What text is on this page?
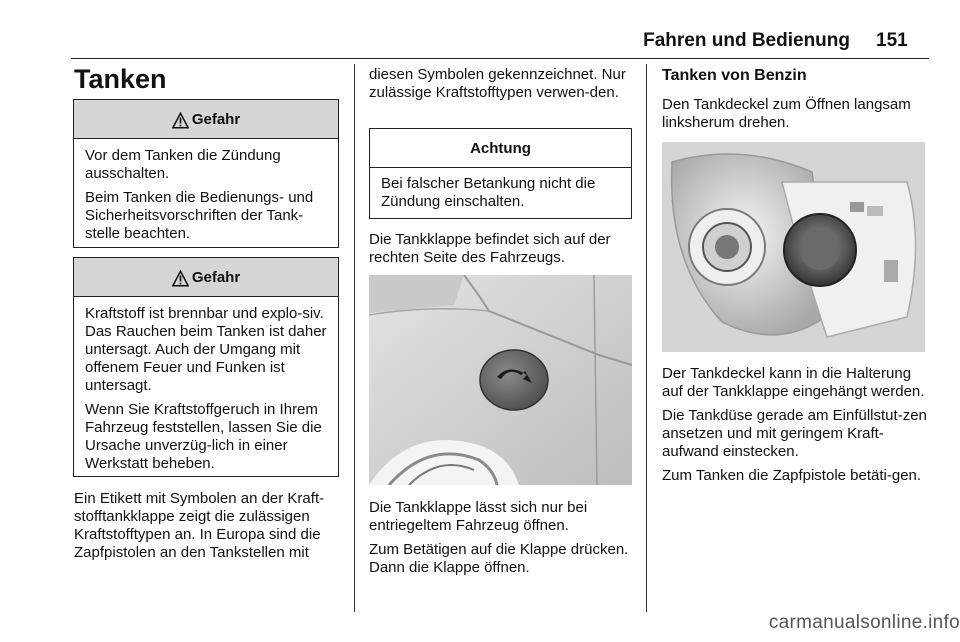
Fahren und Bedienung 151
Tanken
Gefahr

Vor dem Tanken die Zündung ausschalten.

Beim Tanken die Bedienungs- und Sicherheitsvorschriften der Tank-stelle beachten.

Gefahr

Kraftstoff ist brennbar und explo-siv. Das Rauchen beim Tanken ist daher untersagt. Auch der Umgang mit offenem Feuer und Funken ist untersagt.

Wenn Sie Kraftstoffgeruch in Ihrem Fahrzeug feststellen, lassen Sie die Ursache unverzüg-lich in einer Werkstatt beheben.

Ein Etikett mit Symbolen an der Kraft-stofftankklappe zeigt die zulässigen Kraftstofftypen an. In Europa sind die Zapfpistolen an den Tankstellen mit
diesen Symbolen gekennzeichnet. Nur zulässige Kraftstofftypen verwen-den.
Achtung

Bei falscher Betankung nicht die Zündung einschalten.

Die Tankklappe befindet sich auf der rechten Seite des Fahrzeugs.

Die Tankklappe lässt sich nur bei entriegeltem Fahrzeug öffnen.

Zum Betätigen auf die Klappe drücken. Dann die Klappe öffnen.

Tanken von Benzin
Den Tankdeckel zum Öffnen langsam linksherum drehen.

Der Tankdeckel kann in die Halterung auf der Tankklappe eingehängt werden.

Die Tankdüse gerade am Einfüllstut-zen ansetzen und mit geringem Kraft-aufwand einstecken.

Zum Tanken die Zapfpistole betäti-gen.

carmanualsonline.info
